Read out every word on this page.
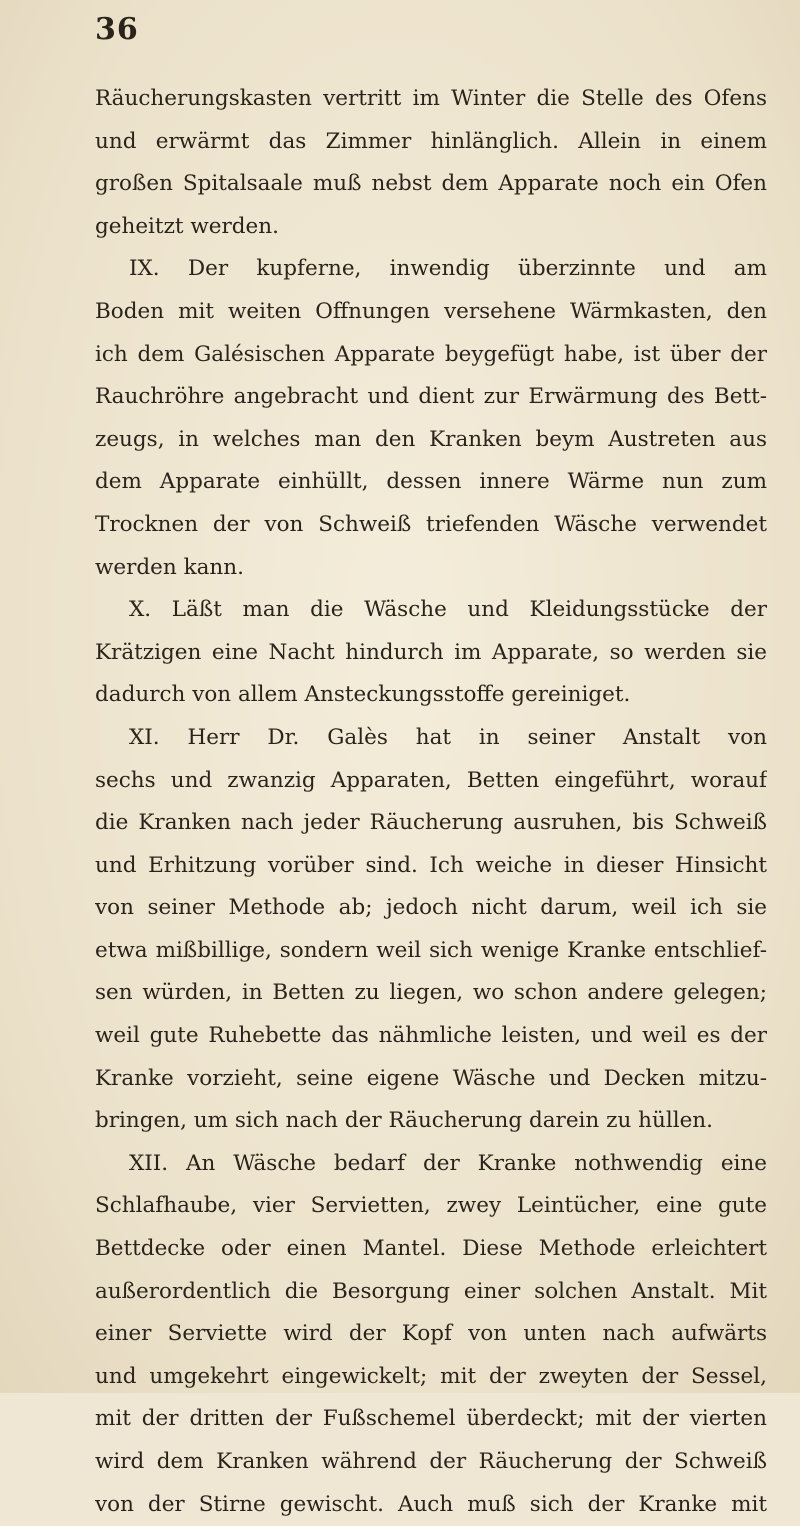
36
Räucherungskasten vertritt im Winter die Stelle des Ofens
und erwärmt das Zimmer hinlänglich. Allein in einem
großen Spitalsaale muß nebst dem Apparate noch ein Ofen
geheitzt werden.
IX. Der kupferne, inwendig überzinnte und am
Boden mit weiten Offnungen versehene Wärmkasten, den
ich dem Galésischen Apparate beygefügt habe, ist über der
Rauchröhre angebracht und dient zur Erwärmung des Bett-
zeugs, in welches man den Kranken beym Austreten aus
dem Apparate einhüllt, dessen innere Wärme nun zum
Trocknen der von Schweiß triefenden Wäsche verwendet
werden kann.
X. Läßt man die Wäsche und Kleidungsstücke der
Krätzigen eine Nacht hindurch im Apparate, so werden sie
dadurch von allem Ansteckungsstoffe gereiniget.
XI. Herr Dr. Galès hat in seiner Anstalt von
sechs und zwanzig Apparaten, Betten eingeführt, worauf
die Kranken nach jeder Räucherung ausruhen, bis Schweiß
und Erhitzung vorüber sind. Ich weiche in dieser Hinsicht
von seiner Methode ab; jedoch nicht darum, weil ich sie
etwa mißbillige, sondern weil sich wenige Kranke entschlief-
sen würden, in Betten zu liegen, wo schon andere gelegen;
weil gute Ruhebette das nähmliche leisten, und weil es der
Kranke vorzieht, seine eigene Wäsche und Decken mitzu-
bringen, um sich nach der Räucherung darein zu hüllen.
XII. An Wäsche bedarf der Kranke nothwendig eine
Schlafhaube, vier Servietten, zwey Leintücher, eine gute
Bettdecke oder einen Mantel. Diese Methode erleichtert
außerordentlich die Besorgung einer solchen Anstalt. Mit
einer Serviette wird der Kopf von unten nach aufwärts
und umgekehrt eingewickelt; mit der zweyten der Sessel,
mit der dritten der Fußschemel überdeckt; mit der vierten
wird dem Kranken während der Räucherung der Schweiß
von der Stirne gewischt. Auch muß sich der Kranke mit
